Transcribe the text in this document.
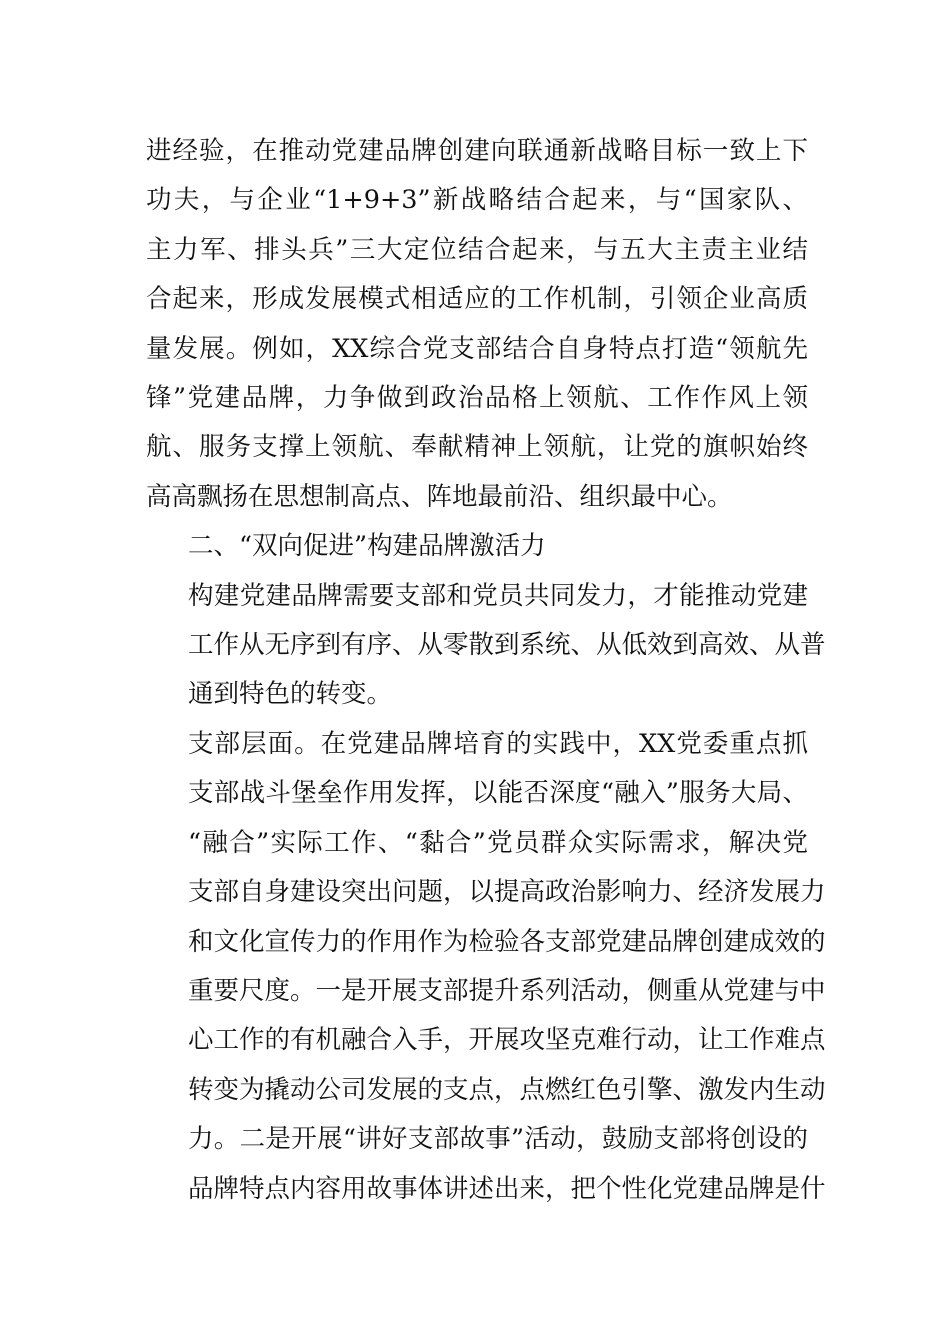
进经验，在推动党建品牌创建向联通新战略目标一致上下
功夫，与企业“1+9+3”新战略结合起来，与“国家队、
主力军、排头兵”三大定位结合起来，与五大主责主业结
合起来，形成发展模式相适应的工作机制，引领企业高质
量发展。例如，XX综合党支部结合自身特点打造“领航先
锋”党建品牌，力争做到政治品格上领航、工作作风上领
航、服务支撑上领航、奉献精神上领航，让党的旗帜始终
高高飘扬在思想制高点、阵地最前沿、组织最中心。

二、“双向促进”构建品牌激活力

构建党建品牌需要支部和党员共同发力，才能推动党建
工作从无序到有序、从零散到系统、从低效到高效、从普
通到特色的转变。

支部层面。在党建品牌培育的实践中，XX党委重点抓
支部战斗堡垒作用发挥，以能否深度“融入”服务大局、
“融合”实际工作、“黏合”党员群众实际需求，解决党
支部自身建设突出问题，以提高政治影响力、经济发展力
和文化宣传力的作用作为检验各支部党建品牌创建成效的
重要尺度。一是开展支部提升系列活动，侧重从党建与中
心工作的有机融合入手，开展攻坚克难行动，让工作难点
转变为撬动公司发展的支点，点燃红色引擎、激发内生动
力。二是开展“讲好支部故事”活动，鼓励支部将创设的
品牌特点内容用故事体讲述出来，把个性化党建品牌是什
